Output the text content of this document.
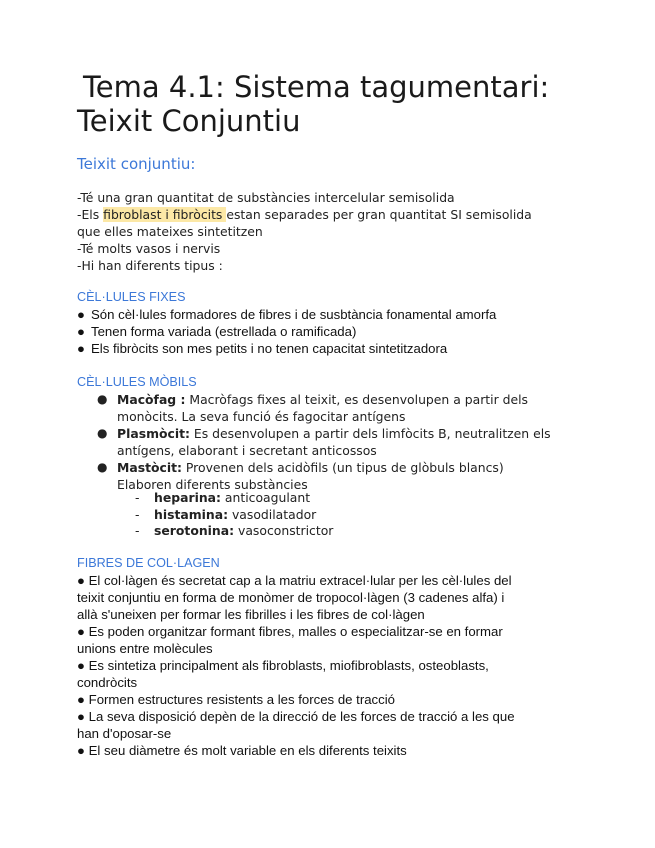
Tema 4.1: Sistema tagumentari:
Teixit Conjuntiu
Teixit conjuntiu:
-Té una gran quantitat de substàncies intercelular semisolida
-Els fibroblast i fibròcits estan separades per gran quantitat SI semisolida
que elles mateixes sintetitzen
-Té molts vasos i nervis
-Hi han diferents tipus :
CÈL·LULES FIXES
● Són cèl·lules formadores de fibres i de susbtància fonamental amorfa
● Tenen forma variada (estrellada o ramificada)
● Els fibròcits son mes petits i no tenen capacitat sintetitzadora
CÈL·LULES MÒBILS
● Macòfag : Macròfags fixes al teixit, es desenvolupen a partir dels
monòcits. La seva funció és fagocitar antígens
● Plasmòcit: Es desenvolupen a partir dels limfòcits B, neutralitzen els
antígens, elaborant i secretant anticossos
● Mastòcit: Provenen dels acidòfils (un tipus de glòbuls blancs)
Elaboren diferents substàncies
- heparina: anticoagulant
- histamina: vasodilatador
- serotonina: vasoconstrictor
FIBRES DE COL·LAGEN
● El col·làgen és secretat cap a la matriu extracel·lular per les cèl·lules del
teixit conjuntiu en forma de monòmer de tropocol·làgen (3 cadenes alfa) i
allà s'uneixen per formar les fibrilles i les fibres de col·làgen
● Es poden organitzar formant fibres, malles o especialitzar-se en formar
unions entre molècules
● Es sintetiza principalment als fibroblasts, miofibroblasts, osteoblasts,
condròcits
● Formen estructures resistents a les forces de tracció
● La seva disposició depèn de la direcció de les forces de tracció a les que
han d'oposar-se
● El seu diàmetre és molt variable en els diferents teixits
